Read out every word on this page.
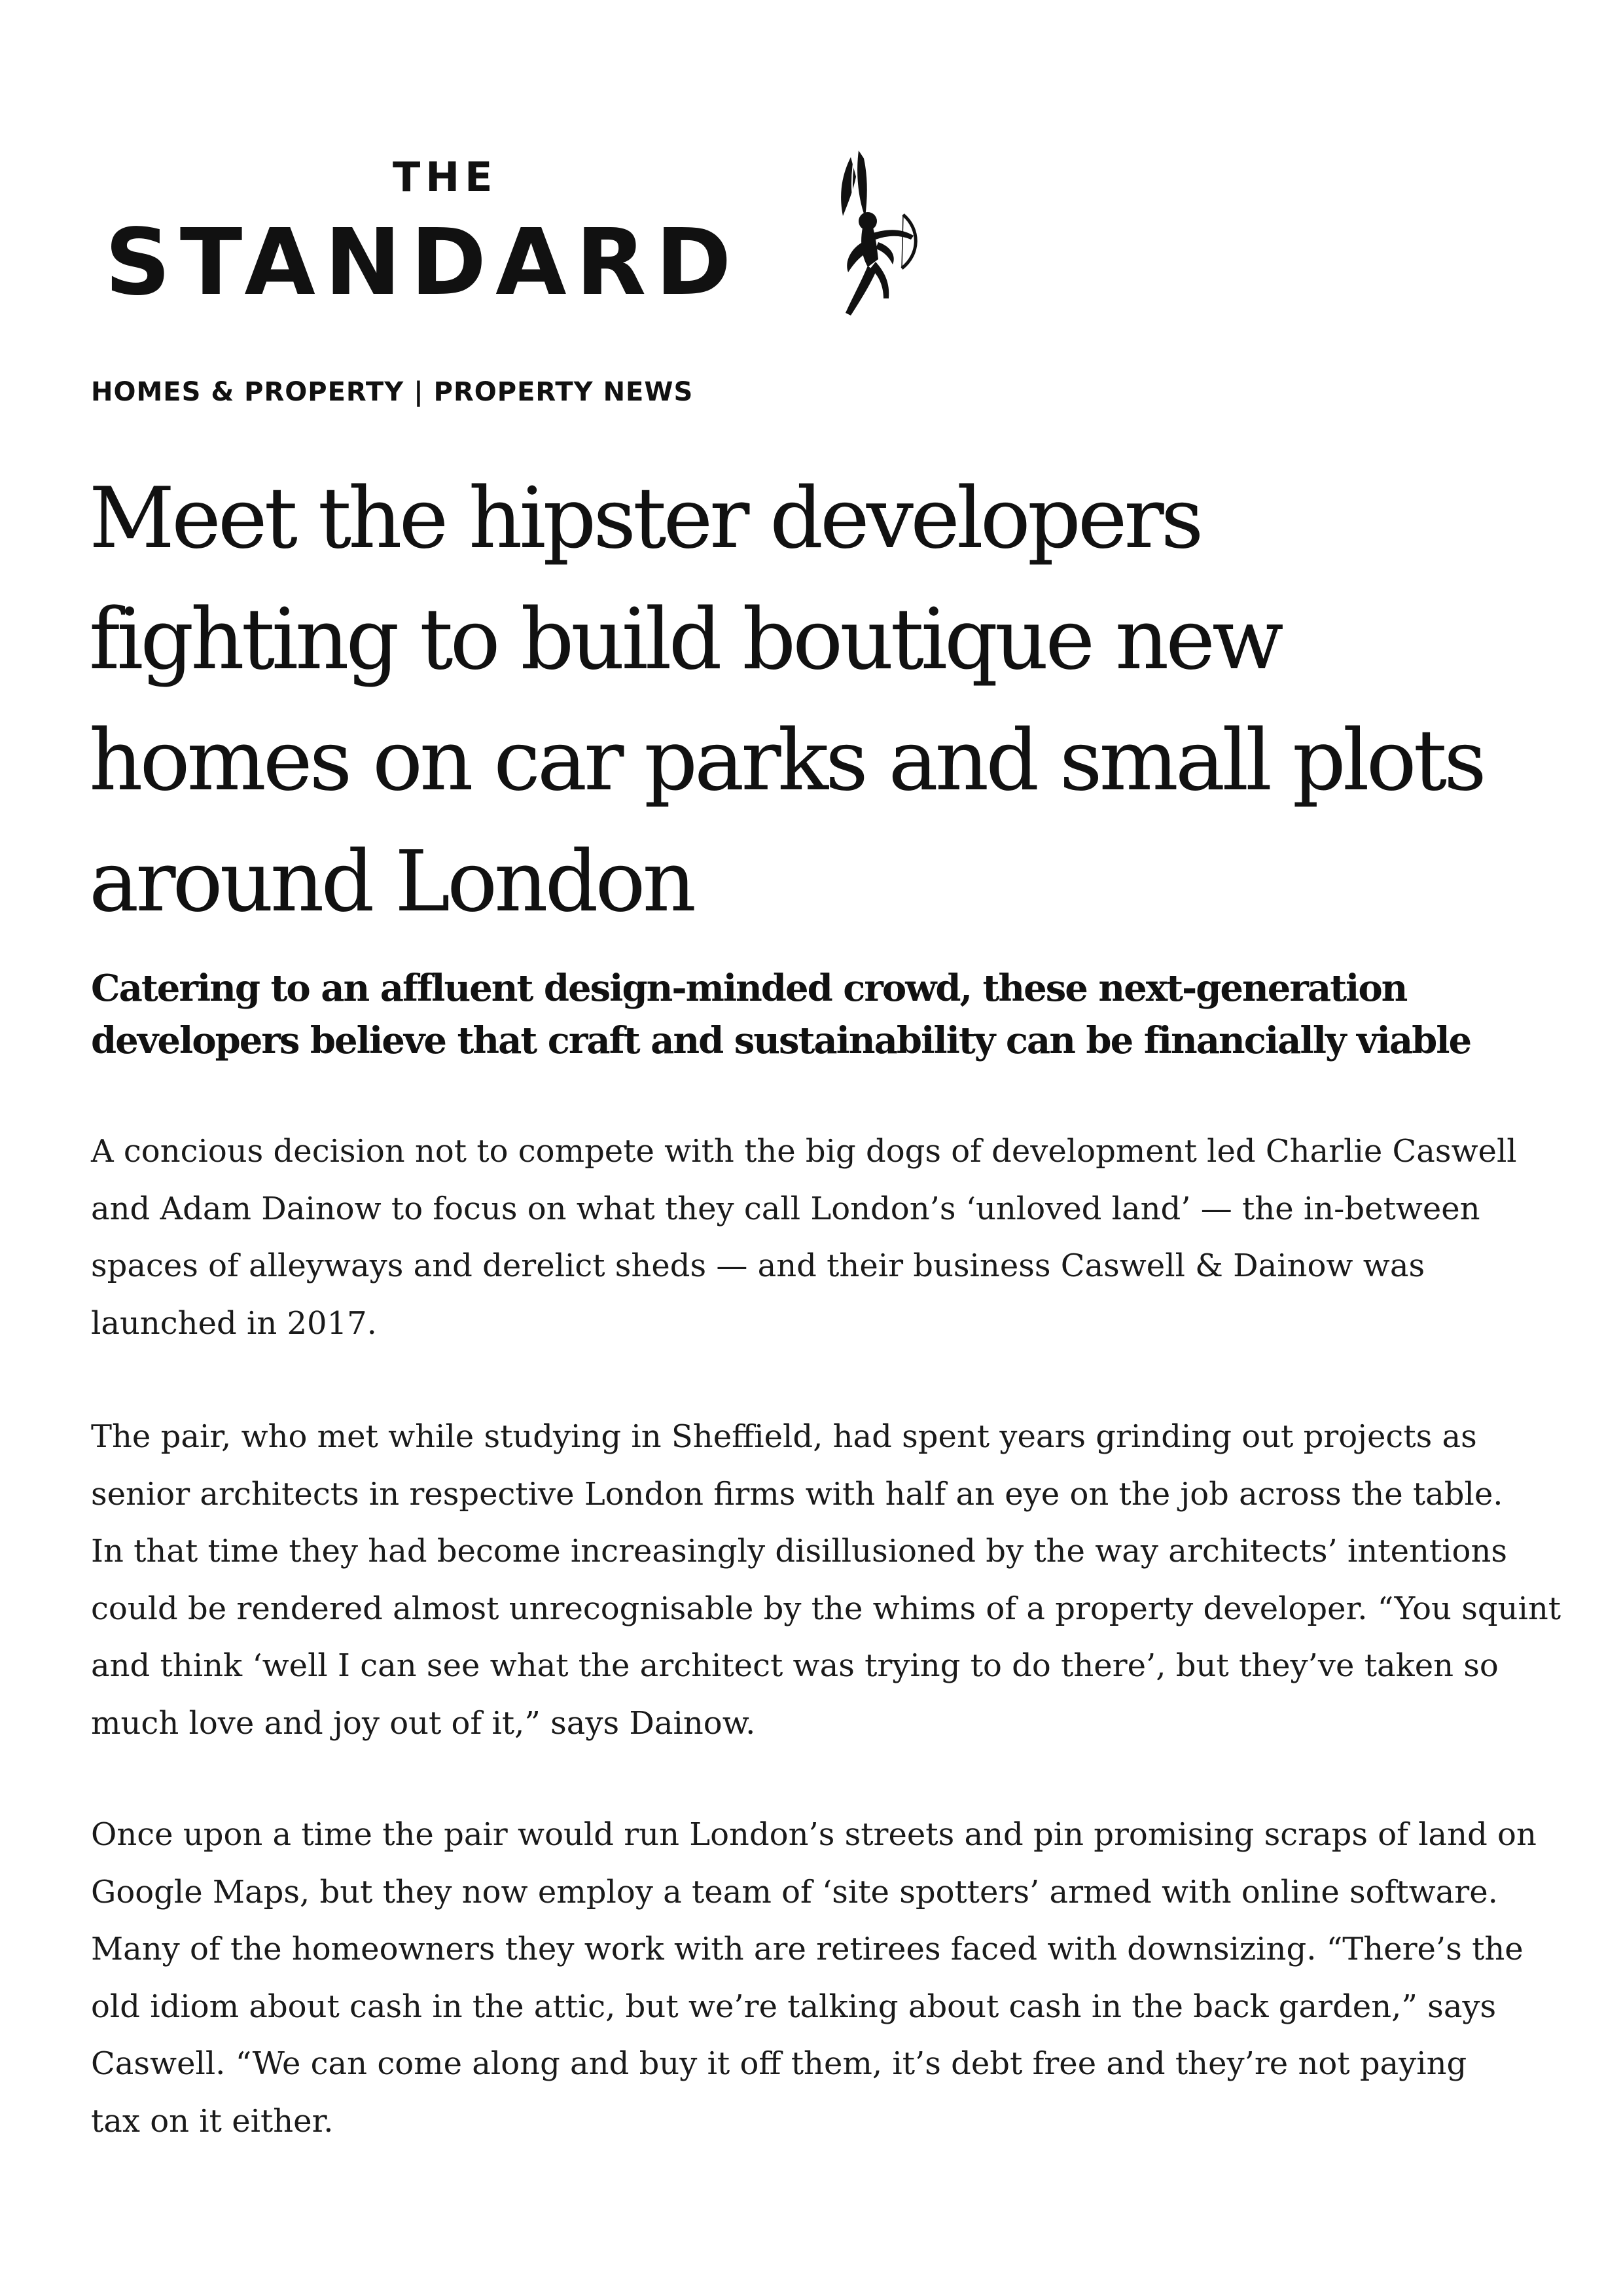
THE
STANDARD
HOMES & PROPERTY | PROPERTY NEWS
Meet the hipster developers
fighting to build boutique new
homes on car parks and small plots
around London
Catering to an affluent design-minded crowd, these next-generation
developers believe that craft and sustainability can be financially viable

A concious decision not to compete with the big dogs of development led Charlie Caswell
and Adam Dainow to focus on what they call London’s ‘unloved land’ — the in-between
spaces of alleyways and derelict sheds — and their business Caswell & Dainow was
launched in 2017.

The pair, who met while studying in Sheffield, had spent years grinding out projects as
senior architects in respective London firms with half an eye on the job across the table.
In that time they had become increasingly disillusioned by the way architects’ intentions
could be rendered almost unrecognisable by the whims of a property developer. “You squint
and think ‘well I can see what the architect was trying to do there’, but they’ve taken so
much love and joy out of it,” says Dainow.

Once upon a time the pair would run London’s streets and pin promising scraps of land on
Google Maps, but they now employ a team of ‘site spotters’ armed with online software.
Many of the homeowners they work with are retirees faced with downsizing. “There’s the
old idiom about cash in the attic, but we’re talking about cash in the back garden,” says
Caswell. “We can come along and buy it off them, it’s debt free and they’re not paying
tax on it either.
